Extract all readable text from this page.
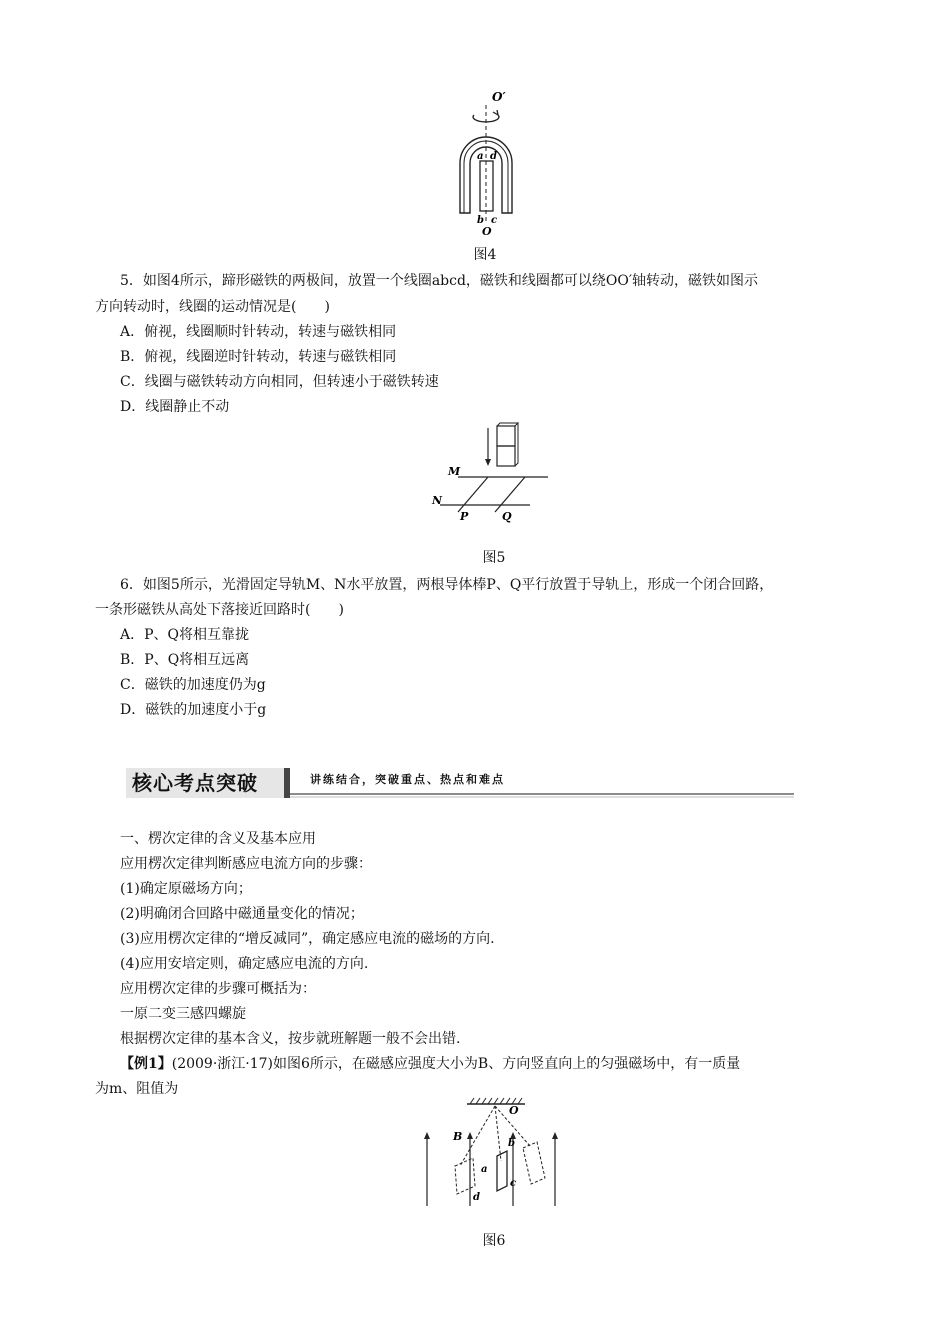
O′
a d
b c
O
图4
5．如图4所示，蹄形磁铁的两极间，放置一个线圈abcd，磁铁和线圈都可以绕OO′轴转动，磁铁如图示
方向转动时，线圈的运动情况是(　　)
A．俯视，线圈顺时针转动，转速与磁铁相同
B．俯视，线圈逆时针转动，转速与磁铁相同
C．线圈与磁铁转动方向相同，但转速小于磁铁转速
D．线圈静止不动
M
N
P	Q
图5
6．如图5所示，光滑固定导轨M、N水平放置，两根导体棒P、Q平行放置于导轨上，形成一个闭合回路，
一条形磁铁从高处下落接近回路时(　　)
A．P、Q将相互靠拢
B．P、Q将相互远离
C．磁铁的加速度仍为g
D．磁铁的加速度小于g
核心考点突破	讲练结合，突破重点、热点和难点
一、楞次定律的含义及基本应用
应用楞次定律判断感应电流方向的步骤：
(1)确定原磁场方向；
(2)明确闭合回路中磁通量变化的情况；
(3)应用楞次定律的“增反减同”，确定感应电流的磁场的方向.
(4)应用安培定则，确定感应电流的方向.
应用楞次定律的步骤可概括为：
一原二变三感四螺旋
根据楞次定律的基本含义，按步就班解题一般不会出错.
【例1】(2009·浙江·17)如图6所示，在磁感应强度大小为B、方向竖直向上的匀强磁场中，有一质量
为m、阻值为
O
B
a
b
c
d
图6
